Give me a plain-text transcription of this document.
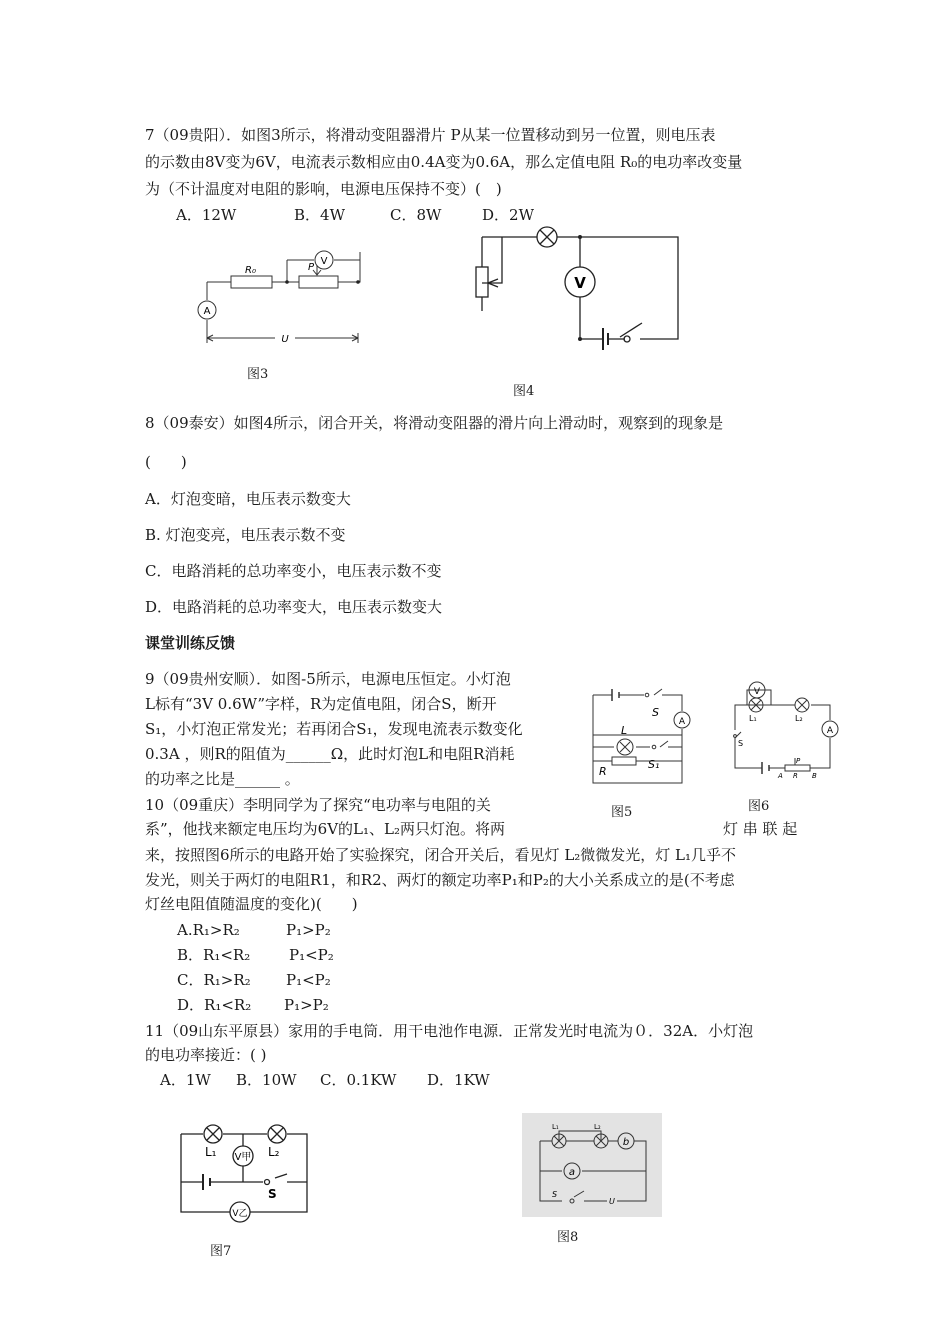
7（09贵阳）．如图3所示，将滑动变阻器滑片 P从某一位置移动到另一位置，则电压表
的示数由8V变为6V，电流表示数相应由0.4A变为0.6A，那么定值电阻 R₀的电功率改变量
为（不计温度对电阻的影响，电源电压保持不变）(　)
A．12W	B．4W	C．8W	D．2W
V
A
R₀	P
U
图3
V
图4
8（09泰安）如图4所示，闭合开关，将滑动变阻器的滑片向上滑动时，观察到的现象是
(　　)
A．灯泡变暗，电压表示数变大
B. 灯泡变亮，电压表示数不变
C．电路消耗的总功率变小，电压表示数不变
D．电路消耗的总功率变大，电压表示数变大
课堂训练反馈
9（09贵州安顺）．如图-5所示，电源电压恒定。小灯泡
L标有“3V 0.6W”字样，R为定值电阻，闭合S，断开
S₁，小灯泡正常发光；若再闭合S₁，发现电流表示数变化
0.3A ，则R的阻值为______Ω，此时灯泡L和电阻R消耗
的功率之比是______ 。
A
S
L
R
S₁
图5
V
A
L₁	L₂
S
P
A R B
图6
10（09重庆）李明同学为了探究“电功率与电阻的关
系”，他找来额定电压均为6V的L₁、L₂两只灯泡。将两	灯 串 联 起
来，按照图6所示的电路开始了实验探究，闭合开关后，看见灯 L₂微微发光，灯 L₁几乎不
发光，则关于两灯的电阻R1，和R2、两灯的额定功率P₁和P₂的大小关系成立的是(不考虑
灯丝电阻值随温度的变化)(　　)
A.R₁>R₂	P₁>P₂
B．R₁<R₂	P₁<P₂
C．R₁>R₂ P₁<P₂
D．R₁<R₂ P₁>P₂
11（09山东平原县）家用的手电筒．用干电池作电源．正常发光时电流为０．32A．小灯泡
的电功率接近：( )
A．1W B．10W C．0.1KW D．1KW
V甲
V乙
L₁	L₂
S
图7
b
a
L₁	L₂
S
U
图8
